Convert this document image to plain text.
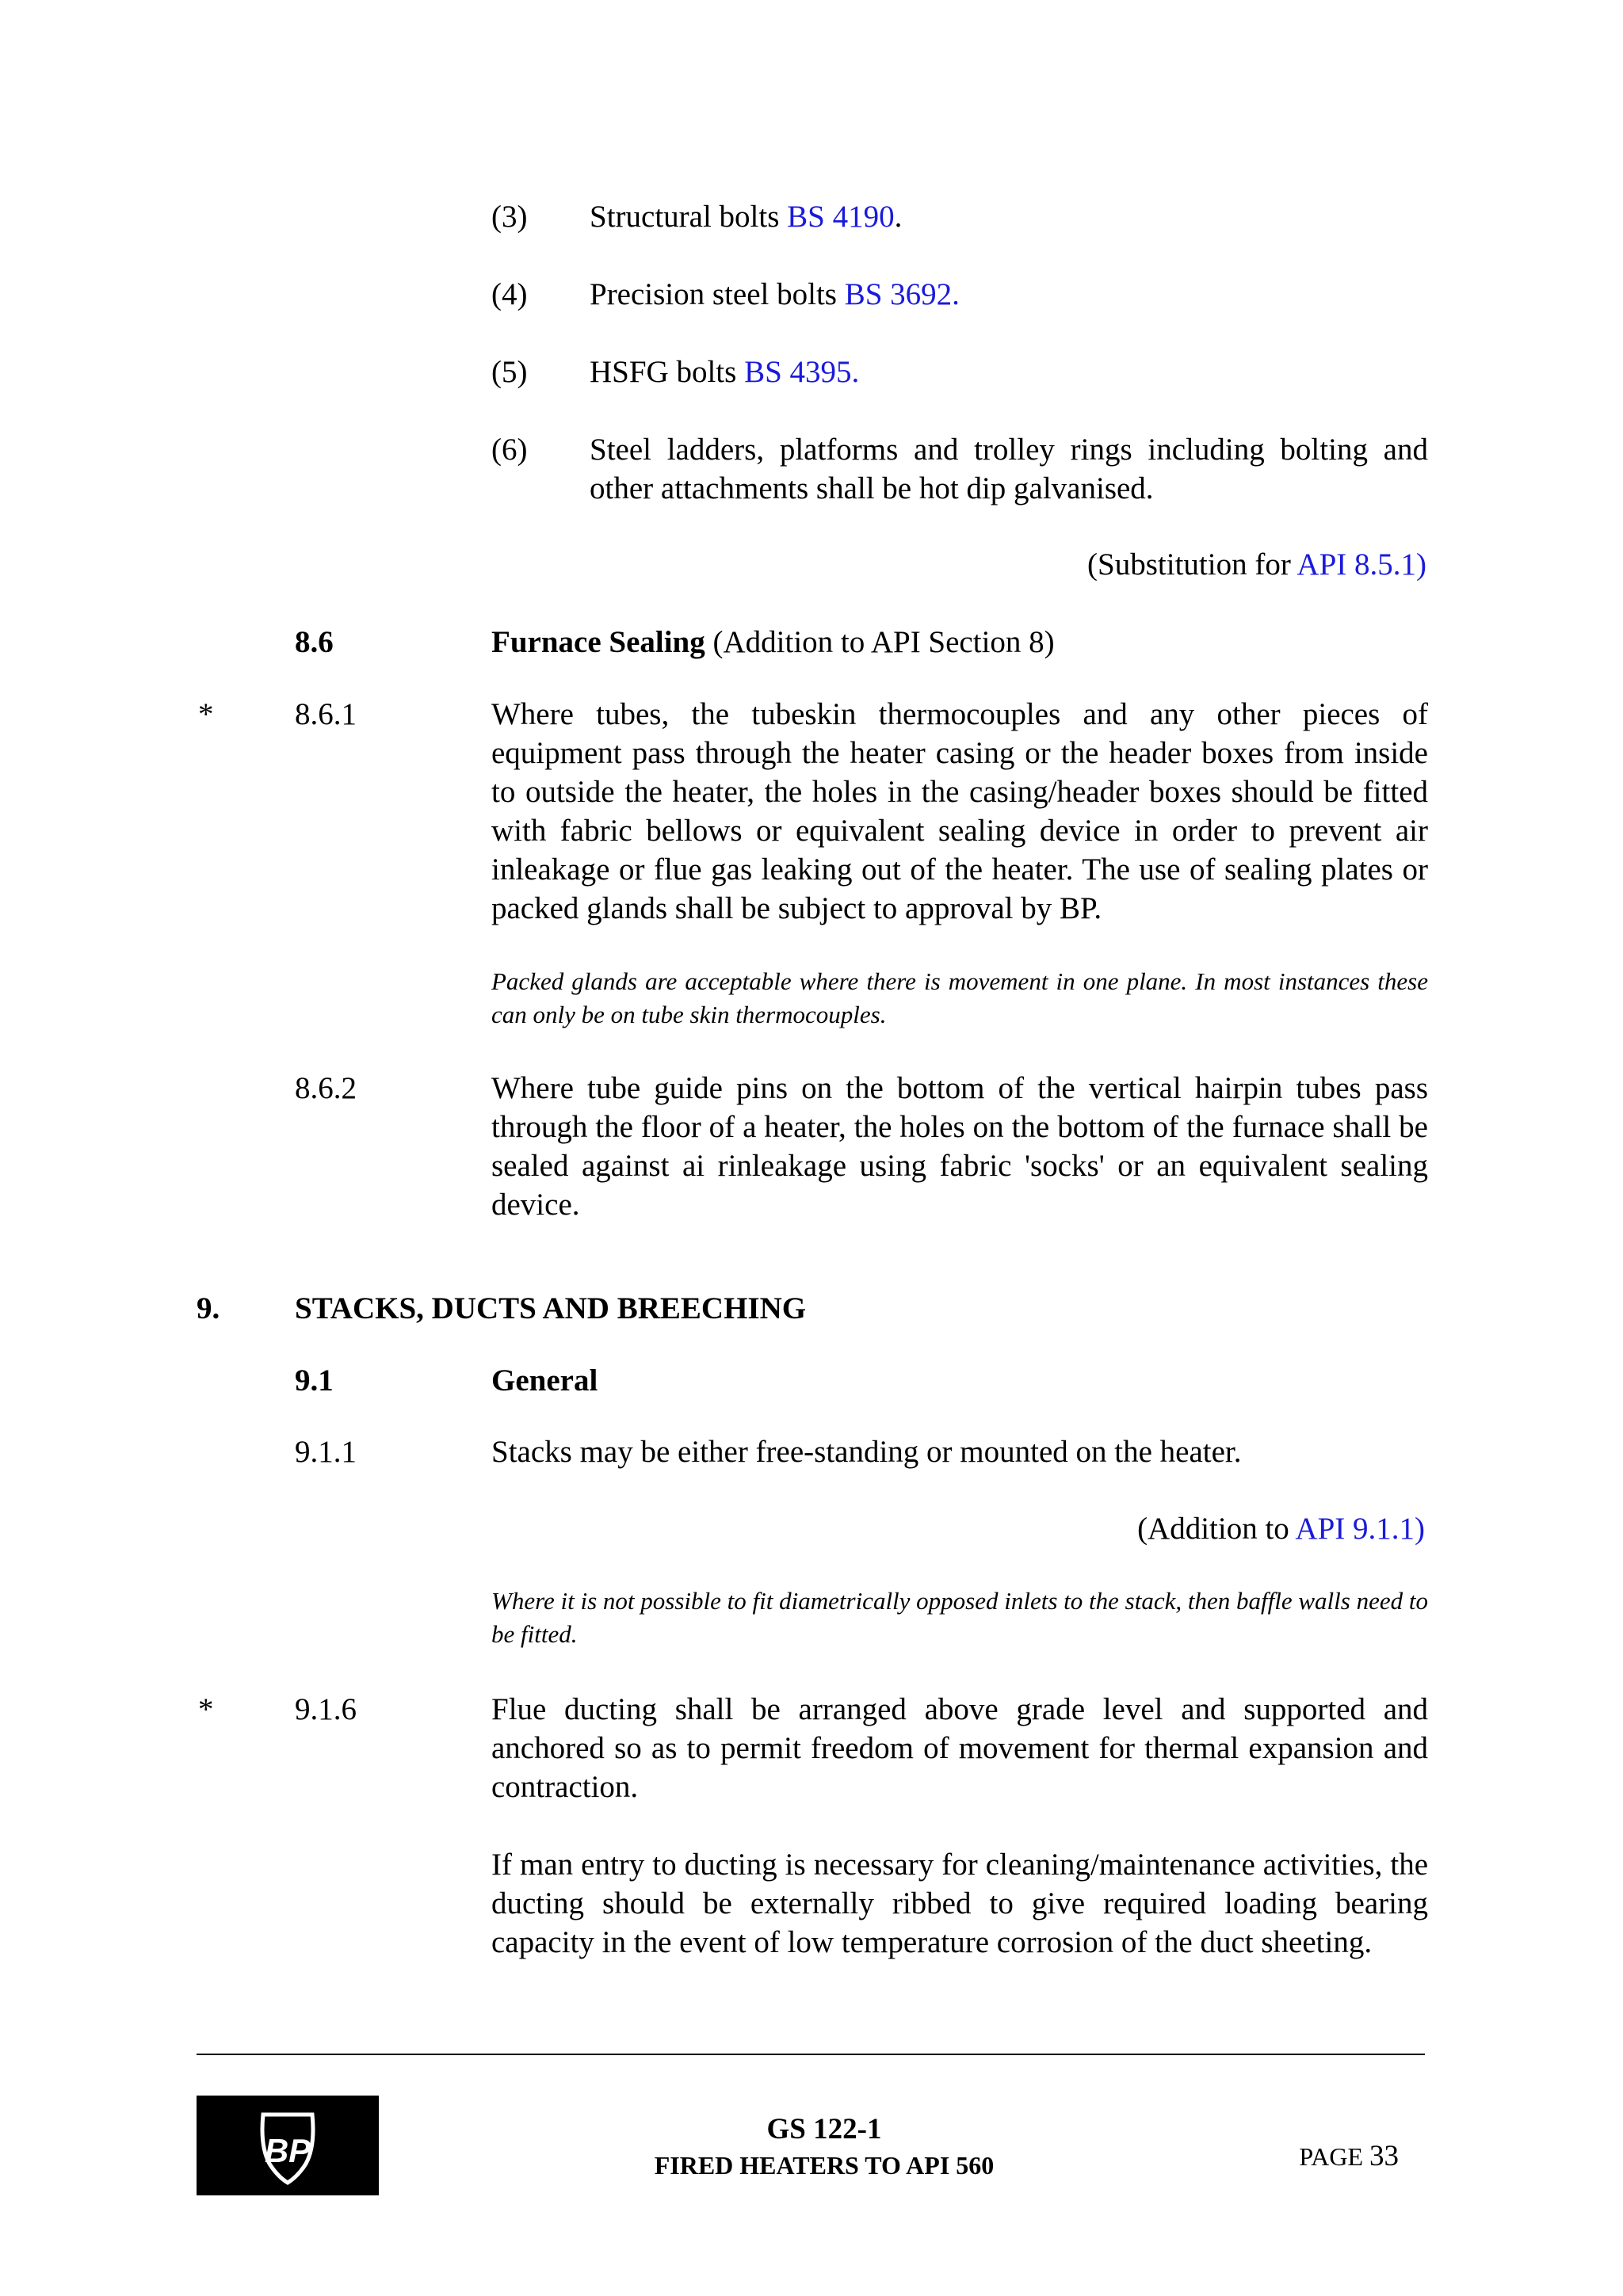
(3) Structural bolts BS 4190.
(4) Precision steel bolts BS 3692.
(5) HSFG bolts BS 4395.
(6) Steel ladders, platforms and trolley rings including bolting and other attachments shall be hot dip galvanised.
(Substitution for API 8.5.1)
8.6	Furnace Sealing (Addition to API Section 8)
*	8.6.1	Where tubes, the tubeskin thermocouples and any other pieces of equipment pass through the heater casing or the header boxes from inside to outside the heater, the holes in the casing/header boxes should be fitted with fabric bellows or equivalent sealing device in order to prevent air inleakage or flue gas leaking out of the heater. The use of sealing plates or packed glands shall be subject to approval by BP.
Packed glands are acceptable where there is movement in one plane. In most instances these can only be on tube skin thermocouples.
8.6.2	Where tube guide pins on the bottom of the vertical hairpin tubes pass through the floor of a heater, the holes on the bottom of the furnace shall be sealed against ai rinleakage using fabric 'socks' or an equivalent sealing device.
9. STACKS, DUCTS AND BREECHING
9.1	General
9.1.1	Stacks may be either free-standing or mounted on the heater.
(Addition to API 9.1.1)
Where it is not possible to fit diametrically opposed inlets to the stack, then baffle walls need to be fitted.
*	9.1.6	Flue ducting shall be arranged above grade level and supported and anchored so as to permit freedom of movement for thermal expansion and contraction.
If man entry to ducting is necessary for cleaning/maintenance activities, the ducting should be externally ribbed to give required loading bearing capacity in the event of low temperature corrosion of the duct sheeting.
BP
GS 122-1
FIRED HEATERS TO API 560	PAGE 33
